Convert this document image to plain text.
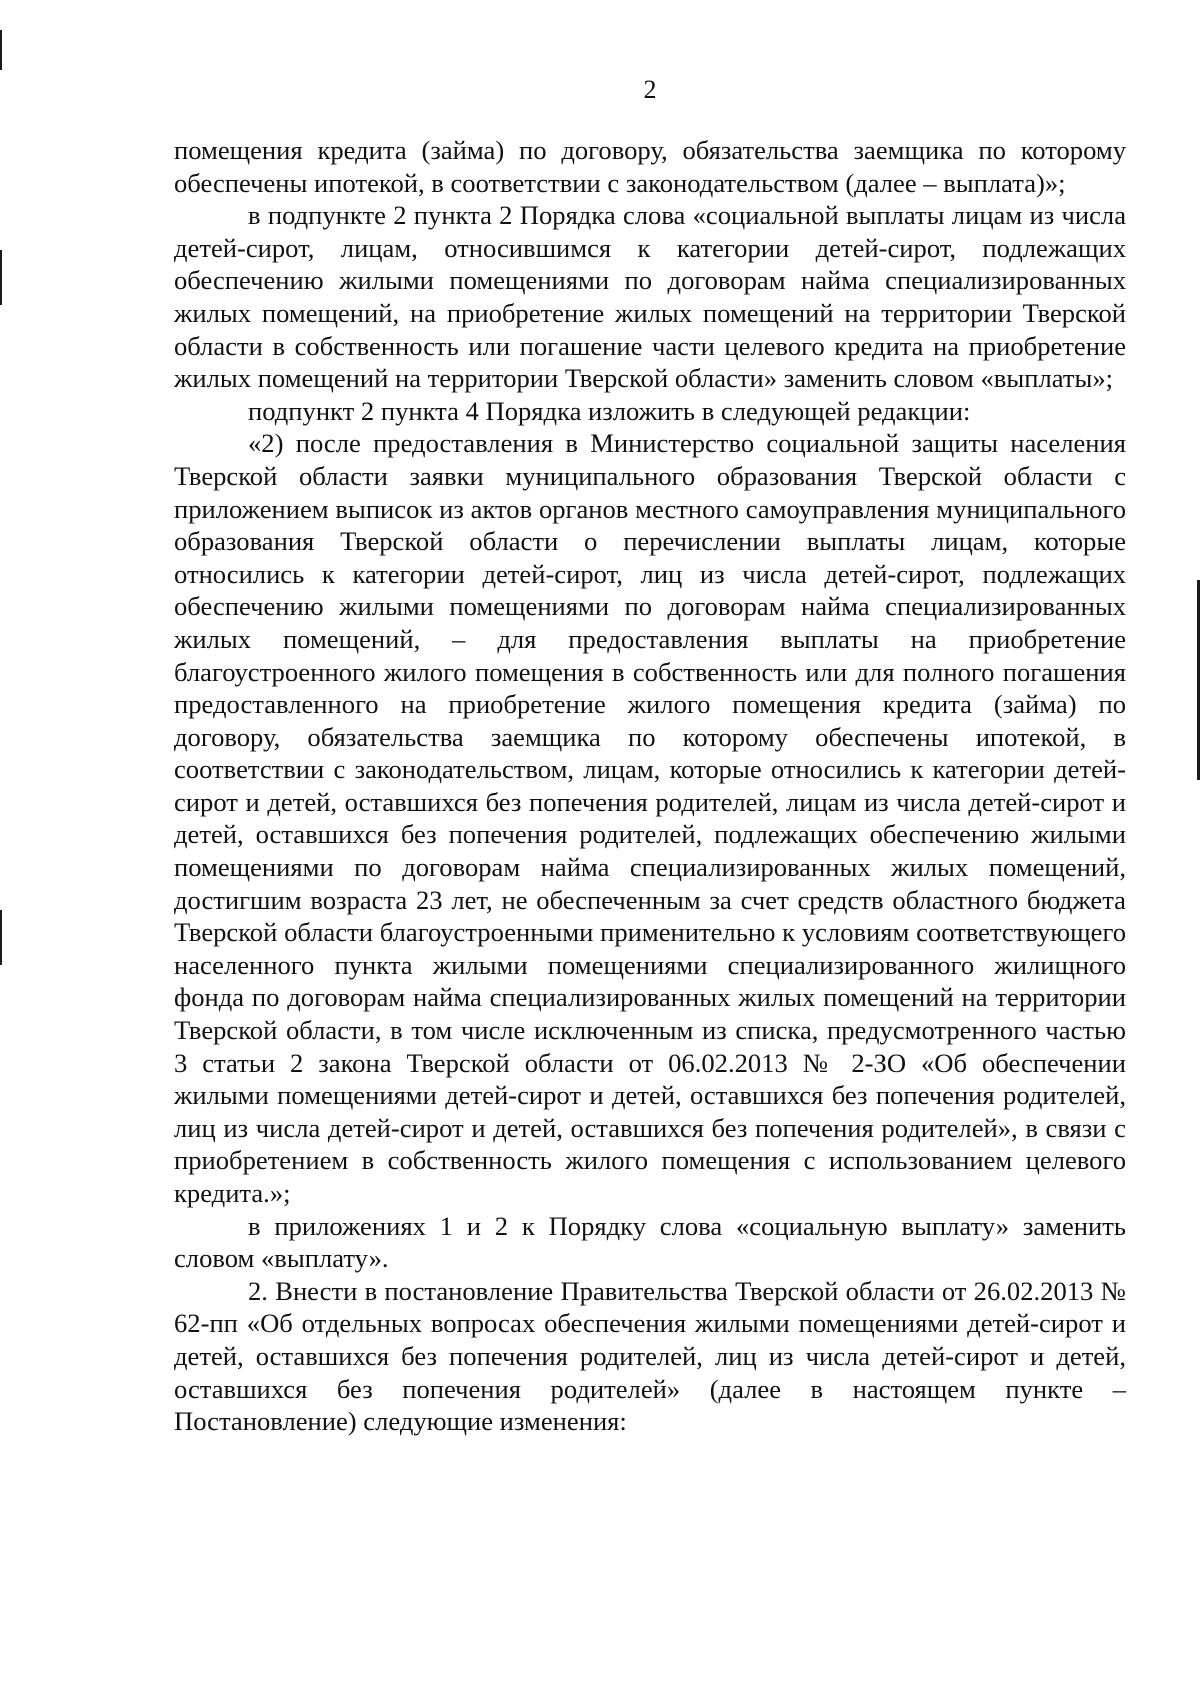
2

помещения кредита (займа) по договору, обязательства заемщика по которому обеспечены ипотекой, в соответствии с законодательством (далее – выплата)»;

в подпункте 2 пункта 2 Порядка слова «социальной выплаты лицам из числа детей-сирот, лицам, относившимся к категории детей-сирот, подлежащих обеспечению жилыми помещениями по договорам найма специализированных жилых помещений, на приобретение жилых помещений на территории Тверской области в собственность или погашение части целевого кредита на приобретение жилых помещений на территории Тверской области» заменить словом «выплаты»;

подпункт 2 пункта 4 Порядка изложить в следующей редакции:

«2) после предоставления в Министерство социальной защиты населения Тверской области заявки муниципального образования Тверской области с приложением выписок из актов органов местного самоуправления муниципального образования Тверской области о перечислении выплаты лицам, которые относились к категории детей-сирот, лиц из числа детей-сирот, подлежащих обеспечению жилыми помещениями по договорам найма специализированных жилых помещений, – для предоставления выплаты на приобретение благоустроенного жилого помещения в собственность или для полного погашения предоставленного на приобретение жилого помещения кредита (займа) по договору, обязательства заемщика по которому обеспечены ипотекой, в соответствии с законодательством, лицам, которые относились к категории детей-сирот и детей, оставшихся без попечения родителей, лицам из числа детей-сирот и детей, оставшихся без попечения родителей, подлежащих обеспечению жилыми помещениями по договорам найма специализированных жилых помещений, достигшим возраста 23 лет, не обеспеченным за счет средств областного бюджета Тверской области благоустроенными применительно к условиям соответствующего населенного пункта жилыми помещениями специализированного жилищного фонда по договорам найма специализированных жилых помещений на территории Тверской области, в том числе исключенным из списка, предусмотренного частью 3 статьи 2 закона Тверской области от 06.02.2013 № 2-ЗО «Об обеспечении жилыми помещениями детей-сирот и детей, оставшихся без попечения родителей, лиц из числа детей-сирот и детей, оставшихся без попечения родителей», в связи с приобретением в собственность жилого помещения с использованием целевого кредита.»;

в приложениях 1 и 2 к Порядку слова «социальную выплату» заменить словом «выплату».

2. Внести в постановление Правительства Тверской области от 26.02.2013 № 62-пп «Об отдельных вопросах обеспечения жилыми помещениями детей-сирот и детей, оставшихся без попечения родителей, лиц из числа детей-сирот и детей, оставшихся без попечения родителей» (далее в настоящем пункте – Постановление) следующие изменения:
